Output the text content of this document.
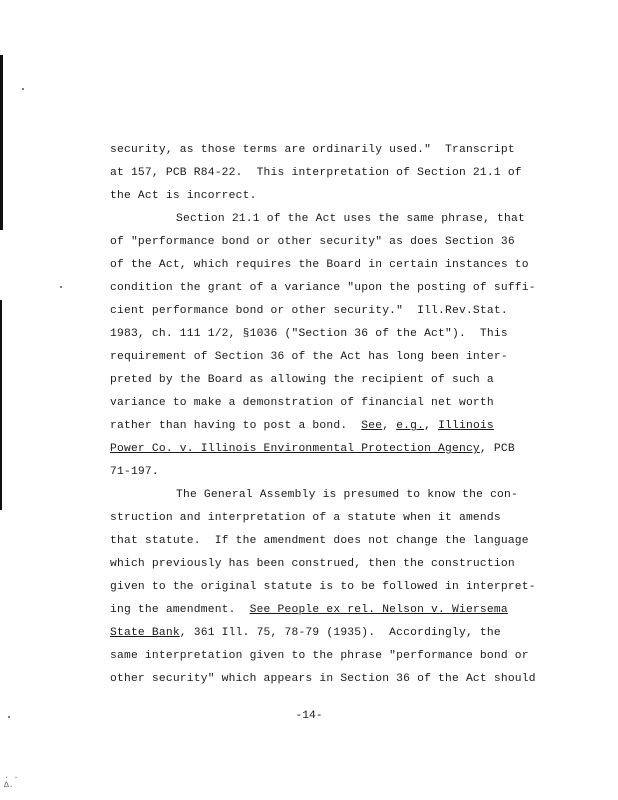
security, as those terms are ordinarily used."  Transcript
at 157, PCB R84-22.  This interpretation of Section 21.1 of
the Act is incorrect.
Section 21.1 of the Act uses the same phrase, that
of "performance bond or other security" as does Section 36
of the Act, which requires the Board in certain instances to
condition the grant of a variance "upon the posting of suffi-
cient performance bond or other security."  Ill.Rev.Stat.
1983, ch. 111 1/2, §1036 ("Section 36 of the Act").  This
requirement of Section 36 of the Act has long been inter-
preted by the Board as allowing the recipient of such a
variance to make a demonstration of financial net worth
rather than having to post a bond.  See, e.g., Illinois
Power Co. v. Illinois Environmental Protection Agency, PCB
71-197.
The General Assembly is presumed to know the con-
struction and interpretation of a statute when it amends
that statute.  If the amendment does not change the language
which previously has been construed, then the construction
given to the original statute is to be followed in interpret-
ing the amendment.  See People ex rel. Nelson v. Wiersema
State Bank, 361 Ill. 75, 78-79 (1935).  Accordingly, the
same interpretation given to the phrase "performance bond or
other security" which appears in Section 36 of the Act should
-14-
. .
Δ.
